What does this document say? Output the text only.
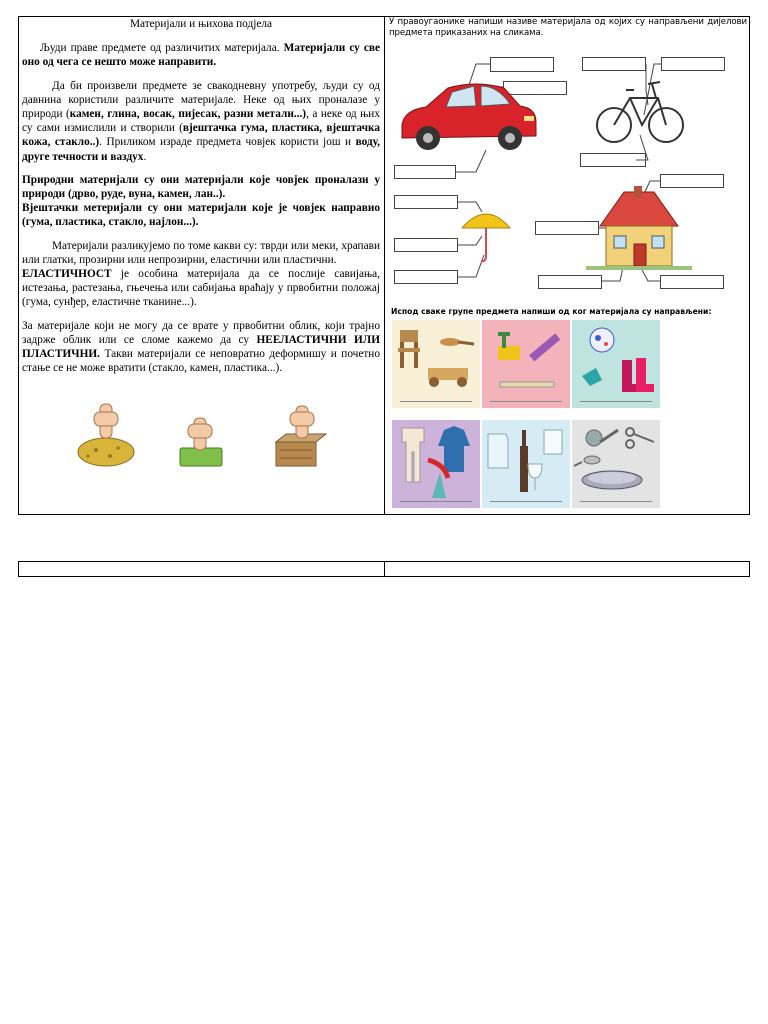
Материјали и њихова подјела

Људи праве предмете од различитих материјала. Материјали су све оно од чега се нешто може направити.

Да би произвели предмете зе свакодневну употребу, људи су од давнина користили различите материјале. Неке од њих проналазе у природи (камен, глина, восак, пијесак, разни метали...), а неке од њих су сами измислили и створили (вјештачка гума, пластика, вјештачка кожа, стакло..). Приликом израде предмета човјек користи још и воду, друге течности и ваздух.

Природни материјали су они материјали које човјек проналази у природи (дрво, руде, вуна, камен, лан..).

Вјештачки метеријали су они материјали које је човјек направио (гума, пластика, стакло, најлон...).

Материјали разликујемо по томе какви су: тврди или меки, храпави или глатки, прозирни или непрозирни, еластични или пластични.

ЕЛАСТИЧНОСТ је особина материјала да се послије савијања, истезања, растезања, гњечења или сабијања враћају у првобитни положај (гума, сунђер, еластичне тканине...).

За материјале који не могу да се врате у првобитни облик, који трајно задрже облик или се сломе кажемо да су НЕЕЛАСТИЧНИ ИЛИ ПЛАСТИЧНИ. Такви материјали се неповратно деформишу и почетно стање се не може вратити (стакло, камен, пластика...).

У правоугаонике напиши називе материјала од којих су направљени дијелови предмета приказаних на сликама.
Испод сваке групе предмета напиши од ког материјала су направљени:
